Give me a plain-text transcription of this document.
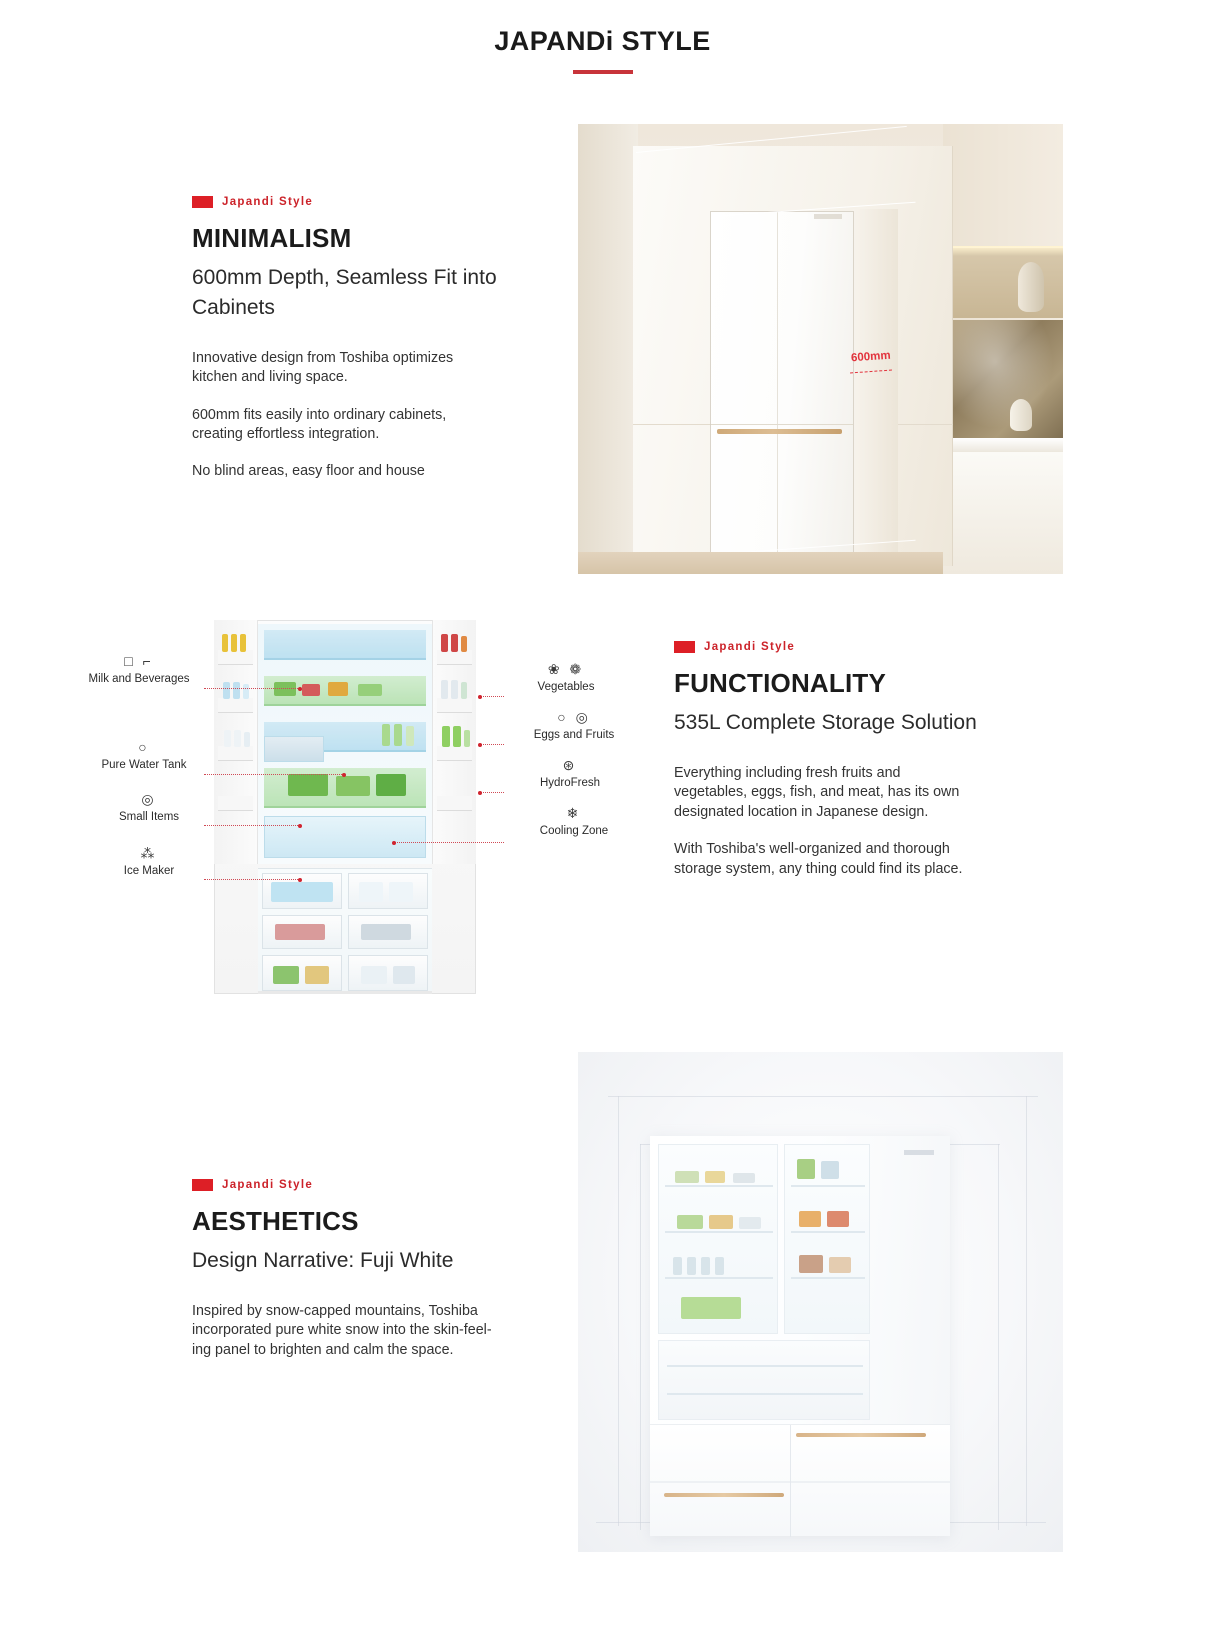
JAPANDi STYLE
Japandi Style
MINIMALISM
600mm Depth, Seamless Fit into Cabinets

Innovative design from Toshiba optimizes kitchen and living space.

600mm fits easily into ordinary cabinets, creating effortless integration.

No blind areas, easy floor and house

600mm
□ ⌐
Milk and Beverages
○
Pure Water Tank
◎
Small Items
⁂
Ice Maker
❀ ❁
Vegetables
○ ◎
Eggs and Fruits
⊛
HydroFresh
❄
Cooling Zone
Japandi Style
FUNCTIONALITY
535L Complete Storage Solution

Everything including fresh fruits and vegetables, eggs, fish, and meat, has its own designated location in Japanese design.

With Toshiba's well-organized and thorough storage system, any thing could find its place.

Japandi Style
AESTHETICS
Design Narrative: Fuji White

Inspired by snow-capped mountains, Toshiba incorporated pure white snow into the skin-feel- ing panel to brighten and calm the space.
